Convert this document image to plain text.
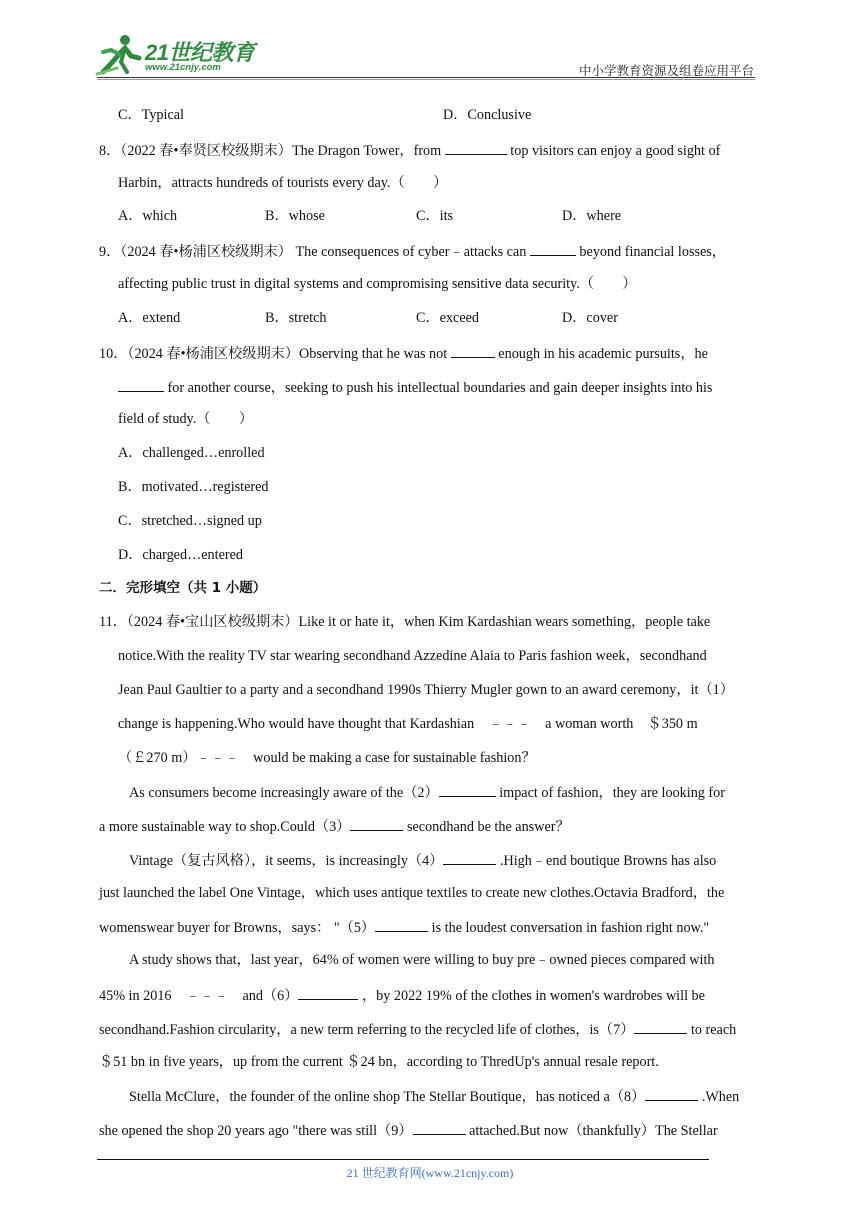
21世纪教育
www.21cnjy.com	中小学教育资源及组卷应用平台
C．Typical	D．Conclusive
8．（2022 春•奉贤区校级期末）The Dragon Tower，from	top visitors can enjoy a good sight of
Harbin，attracts hundreds of tourists every day.（　　）
A．which	B．whose	C．its	D．where
9．（2024 春•杨浦区校级期末） The consequences of cyber﹣attacks can	beyond financial losses，
affecting public trust in digital systems and compromising sensitive data security.（　　）
A．extend	B．stretch	C．exceed	D．cover
10．（2024 春•杨浦区校级期末）Observing that he was not	enough in his academic pursuits，he
for another course，seeking to push his intellectual boundaries and gain deeper insights into his
field of study.（　　）
A．challenged…enrolled
B．motivated…registered
C．stretched…signed up
D．charged…entered
二．完形填空（共 1 小题）
11．（2024 春•宝山区校级期末）Like it or hate it，when Kim Kardashian wears something，people take
notice.With the reality TV star wearing secondhand Azzedine Alaia to Paris fashion week，secondhand
Jean Paul Gaultier to a party and a secondhand 1990s Thierry Mugler gown to an award ceremony，it（1）
change is happening.Who would have thought that Kardashian　﹣﹣﹣　a woman worth　＄350 m
（￡270 m）﹣﹣﹣　would be making a case for sustainable fashion？
As consumers become increasingly aware of the（2）	impact of fashion，they are looking for
a more sustainable way to shop.Could（3）	secondhand be the answer？
Vintage（复古风格），it seems，is increasingly（4）	.High﹣end boutique Browns has also
just launched the label One Vintage，which uses antique textiles to create new clothes.Octavia Bradford，the
womenswear buyer for Browns，says： "（5）	is the loudest conversation in fashion right now."
A study shows that，last year，64% of women were willing to buy pre﹣owned pieces compared with
45% in 2016　﹣﹣﹣　and（6）	，by 2022 19% of the clothes in women's wardrobes will be
secondhand.Fashion circularity，a new term referring to the recycled life of clothes，is（7）	to reach
＄51 bn in five years，up from the current ＄24 bn，according to ThredUp's annual resale report.
Stella McClure，the founder of the online shop The Stellar Boutique，has noticed a（8）	.When
she opened the shop 20 years ago "there was still（9）	attached.But now（thankfully）The Stellar
21 世纪教育网(www.21cnjy.com)
